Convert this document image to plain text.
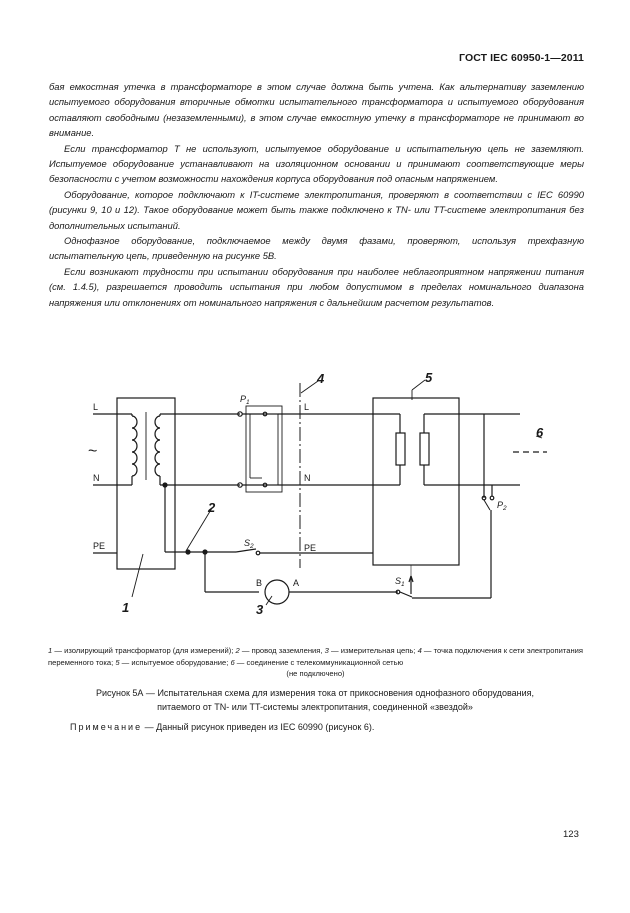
ГОСТ IEC 60950-1—2011

бая емкостная утечка в трансформаторе в этом случае должна быть учтена. Как альтернативу заземлению испытуемого оборудования вторичные обмотки испытательного трансформатора и испытуемого оборудования оставляют свободными (незаземленными), в этом случае емкостную утечку в трансформаторе не принимают во внимание.

Если трансформатор Т не используют, испытуемое оборудование и испытательную цепь не заземляют. Испытуемое оборудование устанавливают на изоляционном основании и принимают соответствующие меры безопасности с учетом возможности нахождения корпуса оборудования под опасным напряжением.

Оборудование, которое подключают к IT-системе электропитания, проверяют в соответствии с IEC 60990 (рисунки 9, 10 и 12). Такое оборудование может быть также подключено к TN- или TT-системе электропитания без дополнительных испытаний.

Однофазное оборудование, подключаемое между двумя фазами, проверяют, используя трехфазную испытательную цепь, приведенную на рисунке 5В.

Если возникают трудности при испытании оборудования при наиболее неблагоприятном напряжении питания (см. 1.4.5), разрешается проводить испытания при любом допустимом в пределах номинального диапазона напряжения или отклонениях от номинального напряжения с дальнейшим расчетом результатов.

L
N
PE
~
L
N
PE
B	A
$P_1$
$P_2$
$S_1$
$S_2$
1
2
3
4	5
6
1 — изолирующий трансформатор (для измерений); 2 — провод заземления, 3 — измерительная цепь; 4 — точка подключения к сети электропитания переменного тока; 5 — испытуемое оборудование; 6 — соединение с телекоммуникационной сетью
(не подключено)
Рисунок 5А — Испытательная схема для измерения тока от прикосновения однофазного оборудования,
питаемого от TN- или TT-системы электропитания, соединенной «звездой»
Примечание — Данный рисунок приведен из IEC 60990 (рисунок 6).
123
